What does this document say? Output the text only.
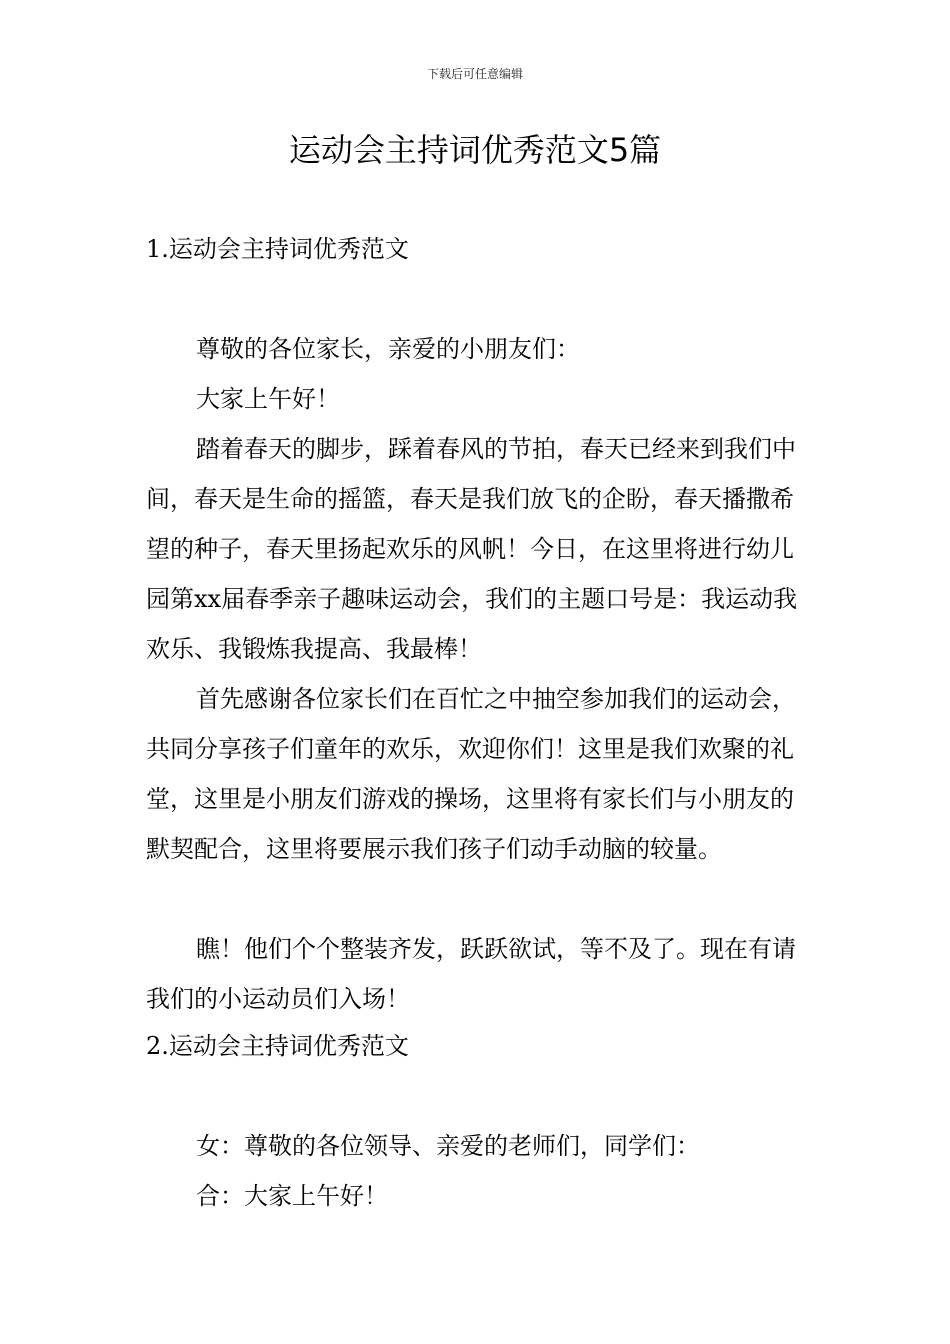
下载后可任意编辑
运动会主持词优秀范文5篇

1.运动会主持词优秀范文

尊敬的各位家长，亲爱的小朋友们：

大家上午好！

踏着春天的脚步，踩着春风的节拍，春天已经来到我们中间，春天是生命的摇篮，春天是我们放飞的企盼，春天播撒希望的种子，春天里扬起欢乐的风帆！今日，在这里将进行幼儿园第xx届春季亲子趣味运动会，我们的主题口号是：我运动我欢乐、我锻炼我提高、我最棒！

首先感谢各位家长们在百忙之中抽空参加我们的运动会，共同分享孩子们童年的欢乐，欢迎你们！这里是我们欢聚的礼堂，这里是小朋友们游戏的操场，这里将有家长们与小朋友的默契配合，这里将要展示我们孩子们动手动脑的较量。

瞧！他们个个整装齐发，跃跃欲试，等不及了。现在有请我们的小运动员们入场！

2.运动会主持词优秀范文

女：尊敬的各位领导、亲爱的老师们，同学们：

合：大家上午好！
